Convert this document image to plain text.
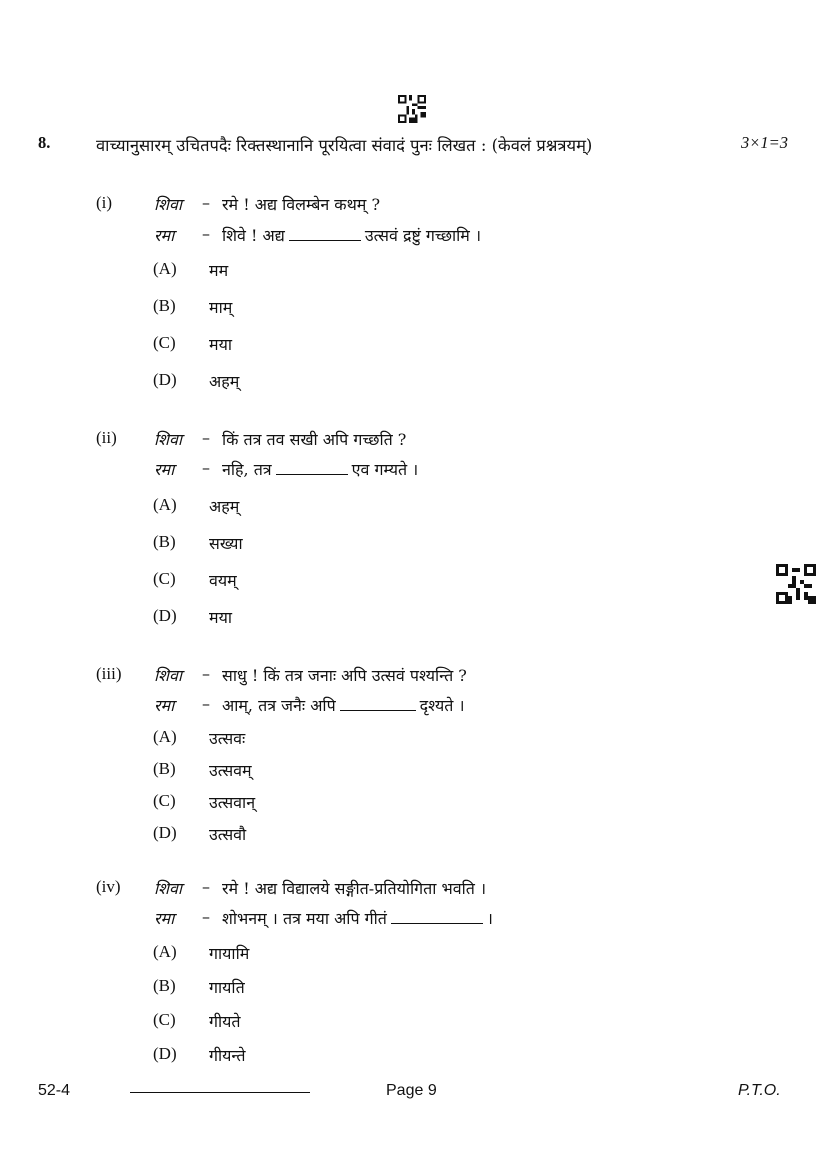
8.	वाच्यानुसारम् उचितपदैः रिक्तस्थानानि पूरयित्वा संवादं पुनः लिखत : (केवलं प्रश्नत्रयम्)	3×1=3
(i)	शिवा – रमे ! अद्य विलम्बेन कथम् ?
रमा – शिवे ! अद्य	उत्सवं द्रष्टुं गच्छामि ।
(A) मम
(B) माम्
(C) मया
(D) अहम्
(ii) शिवा – किं तत्र तव सखी अपि गच्छति ?
रमा – नहि, तत्र	एव गम्यते ।
(A) अहम्
(B) सख्या
(C) वयम्
(D) मया
(iii) शिवा – साधु ! किं तत्र जनाः अपि उत्सवं पश्यन्ति ?
रमा – आम्, तत्र जनैः अपि	दृश्यते ।
(A) उत्सवः
(B) उत्सवम्
(C) उत्सवान्
(D) उत्सवौ
(iv) शिवा – रमे ! अद्य विद्यालये सङ्गीत-प्रतियोगिता भवति ।
रमा – शोभनम् । तत्र मया अपि गीतं	।
(A) गायामि
(B) गायति
(C) गीयते
(D) गीयन्ते
52-4	Page 9	P.T.O.
